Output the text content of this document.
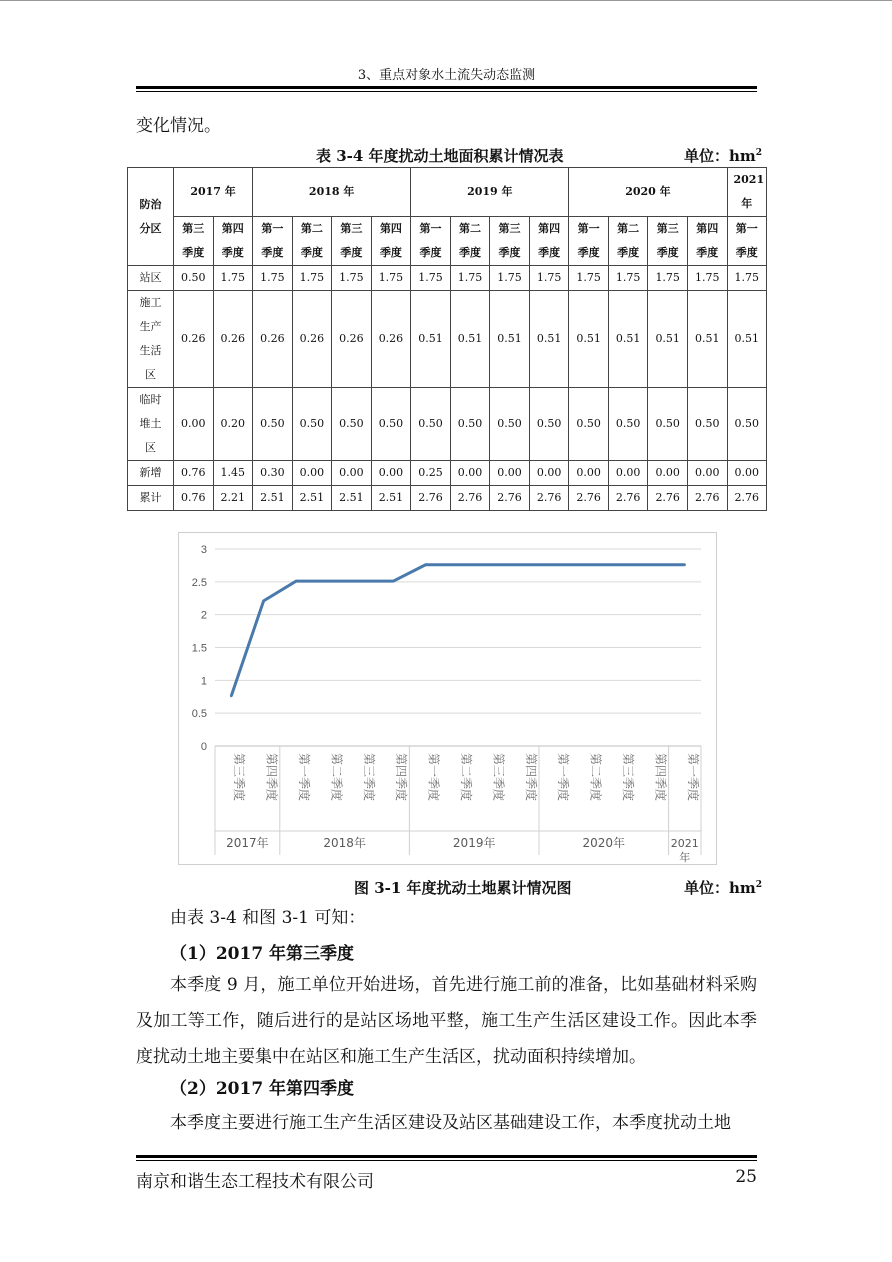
3、重点对象水土流失动态监测
变化情况。
表 3-4 年度扰动土地面积累计情况表	单位：$hm^2$
防治分区	2017 年		2018 年				2019 年				2020 年				2021 年
	第三季度	第四季度	第一季度	第二季度	第三季度	第四季度	第一季度	第二季度	第三季度	第四季度	第一季度	第二季度	第三季度	第四季度	第一季度
站区	0.50	1.75	1.75	1.75	1.75	1.75	1.75	1.75	1.75	1.75	1.75	1.75	1.75	1.75	1.75
施工生产生活区	0.26	0.26	0.26	0.26	0.26	0.26	0.51	0.51	0.51	0.51	0.51	0.51	0.51	0.51	0.51
临时堆土区	0.00	0.20	0.50	0.50	0.50	0.50	0.50	0.50	0.50	0.50	0.50	0.50	0.50	0.50	0.50
新增	0.76	1.45	0.30	0.00	0.00	0.00	0.25	0.00	0.00	0.00	0.00	0.00	0.00	0.00	0.00
累计	0.76	2.21	2.51	2.51	2.51	2.51	2.76	2.76	2.76	2.76	2.76	2.76	2.76	2.76	2.76
0
0.5
1
1.5
2
2.5
3
第三季度 第四季度 第一季度 第二季度 第三季度 第四季度 第一季度 第二季度 第三季度 第四季度 第一季度 第二季度 第三季度 第四季度 第一季度
2017年	2018年	2019年	2020年	2021 年
图 3-1 年度扰动土地累计情况图	单位：$hm^2$
由表 3-4 和图 3-1 可知：
（1）2017 年第三季度
本季度 9 月，施工单位开始进场，首先进行施工前的准备，比如基础材料采购及加工等工作，随后进行的是站区场地平整，施工生产生活区建设工作。因此本季度扰动土地主要集中在站区和施工生产生活区，扰动面积持续增加。
（2）2017 年第四季度
本季度主要进行施工生产生活区建设及站区基础建设工作，本季度扰动土地
南京和谐生态工程技术有限公司	25
